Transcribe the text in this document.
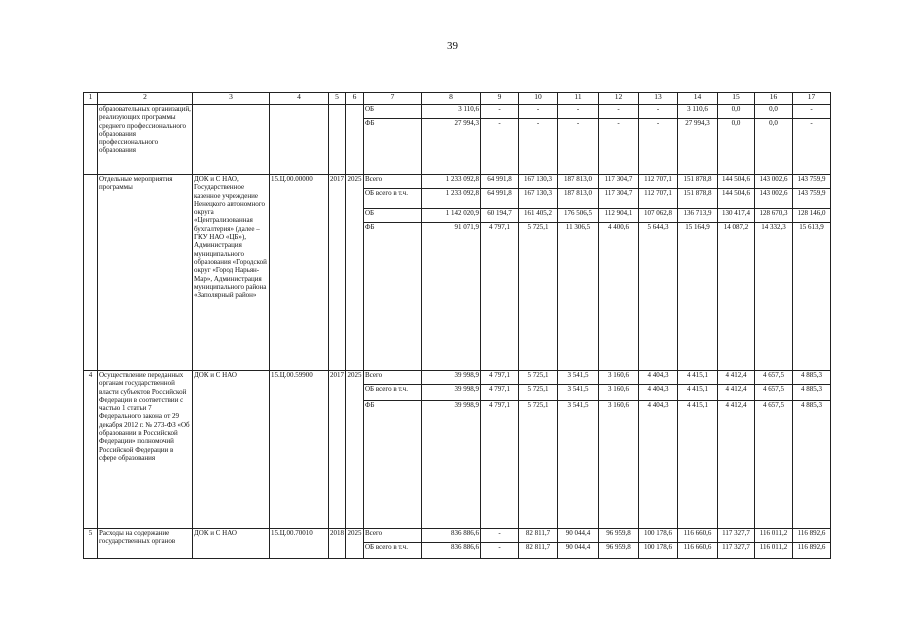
39
1	2	3	4	5	6	7	8	9	10	11	12	13	14	15	16	17
	образовательных организаций, реализующих программы среднего профессионального образования профессионального образования					ОБ	3 110,6	-	-	-	-	-	3 110,6	0,0	0,0	-
						ФБ	27 994,3	-	-	-	-	-	27 994,3	0,0	0,0	-
	Отдельные мероприятия программы	ДОК и С НАО, Государственное казенное учреждение Ненецкого автономного округа «Централизованная бухгалтерия» (далее – ГКУ НАО «ЦБ»), Администрация муниципального образования «Городской округ «Город Нарьян-Мар», Администрация муниципального района «Заполярный район»	15.Ц.00.00000	2017	2025	Всего	1 233 092,8	64 991,8	167 130,3	187 813,0	117 304,7	112 707,1	151 878,8	144 504,6	143 002,6	143 759,9
						ОБ всего в т.ч.	1 233 092,8	64 991,8	167 130,3	187 813,0	117 304,7	112 707,1	151 878,8	144 504,6	143 002,6	143 759,9
						ОБ	1 142 020,9	60 194,7	161 405,2	176 506,5	112 904,1	107 062,8	136 713,9	130 417,4	128 670,3	128 146,0
						ФБ	91 071,9	4 797,1	5 725,1	11 306,5	4 400,6	5 644,3	15 164,9	14 087,2	14 332,3	15 613,9
4	Осуществление переданных органам государственной власти субъектов Российской Федерации в соответствии с частью 1 статьи 7 Федерального закона от 29 декабря 2012 г. № 273-ФЗ «Об образовании в Российской Федерации» полномочий Российской Федерации в сфере образования	ДОК и С НАО	15.Ц.00.59900	2017	2025	Всего	39 998,9	4 797,1	5 725,1	3 541,5	3 160,6	4 404,3	4 415,1	4 412,4	4 657,5	4 885,3
						ОБ всего в т.ч.	39 998,9	4 797,1	5 725,1	3 541,5	3 160,6	4 404,3	4 415,1	4 412,4	4 657,5	4 885,3
						ФБ	39 998,9	4 797,1	5 725,1	3 541,5	3 160,6	4 404,3	4 415,1	4 412,4	4 657,5	4 885,3
5	Расходы на содержание государственных органов	ДОК и С НАО	15.Ц.00.70010	2018	2025	Всего	836 886,6	-	82 811,7	90 044,4	96 959,8	100 178,6	116 660,6	117 327,7	116 011,2	116 892,6
						ОБ всего в т.ч.	836 886,6	-	82 811,7	90 044,4	96 959,8	100 178,6	116 660,6	117 327,7	116 011,2	116 892,6
